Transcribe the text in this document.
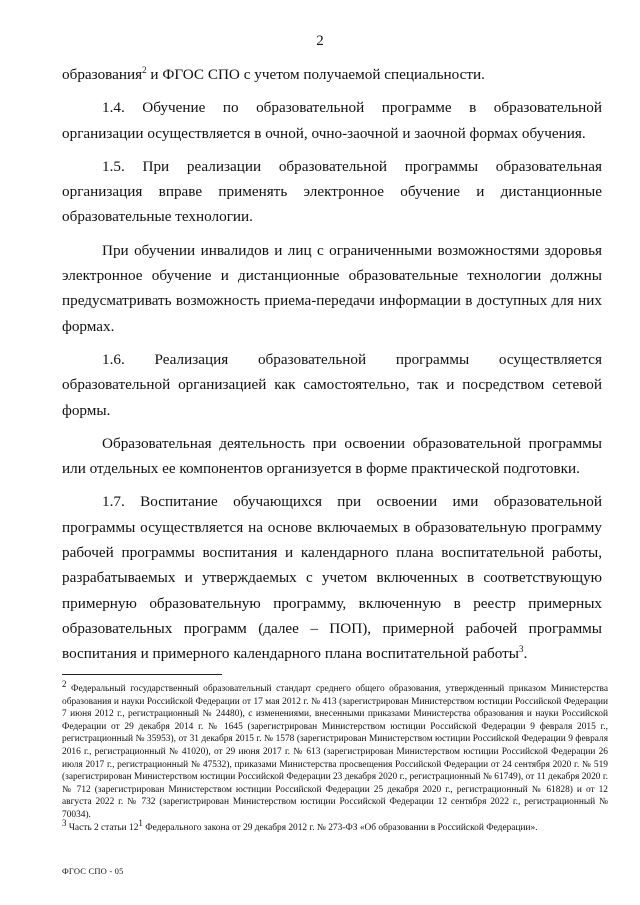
2

образования$^2$ и ФГОС СПО с учетом получаемой специальности.

1.4. Обучение по образовательной программе в образовательной организации осуществляется в очной, очно-заочной и заочной формах обучения.

1.5. При реализации образовательной программы образовательная организация вправе применять электронное обучение и дистанционные образовательные технологии.

При обучении инвалидов и лиц с ограниченными возможностями здоровья электронное обучение и дистанционные образовательные технологии должны предусматривать возможность приема-передачи информации в доступных для них формах.

1.6. Реализация образовательной программы осуществляется образовательной организацией как самостоятельно, так и посредством сетевой формы.

Образовательная деятельность при освоении образовательной программы или отдельных ее компонентов организуется в форме практической подготовки.

1.7. Воспитание обучающихся при освоении ими образовательной программы осуществляется на основе включаемых в образовательную программу рабочей программы воспитания и календарного плана воспитательной работы, разрабатываемых и утверждаемых с учетом включенных в соответствующую примерную образовательную программу, включенную в реестр примерных образовательных программ (далее – ПОП), примерной рабочей программы воспитания и примерного календарного плана воспитательной работы$^3$.

$^2$ Федеральный государственный образовательный стандарт среднего общего образования, утвержденный приказом Министерства образования и науки Российской Федерации от 17 мая 2012 г. № 413 (зарегистрирован Министерством юстиции Российской Федерации 7 июня 2012 г., регистрационный № 24480), с изменениями, внесенными приказами Министерства образования и науки Российской Федерации от 29 декабря 2014 г. № 1645 (зарегистрирован Министерством юстиции Российской Федерации 9 февраля 2015 г., регистрационный № 35953), от 31 декабря 2015 г. № 1578 (зарегистрирован Министерством юстиции Российской Федерации 9 февраля 2016 г., регистрационный № 41020), от 29 июня 2017 г. № 613 (зарегистрирован Министерством юстиции Российской Федерации 26 июля 2017 г., регистрационный № 47532), приказами Министерства просвещения Российской Федерации от 24 сентября 2020 г. № 519 (зарегистрирован Министерством юстиции Российской Федерации 23 декабря 2020 г., регистрационный № 61749), от 11 декабря 2020 г. № 712 (зарегистрирован Министерством юстиции Российской Федерации 25 декабря 2020 г., регистрационный № 61828) и от 12 августа 2022 г. № 732 (зарегистрирован Министерством юстиции Российской Федерации 12 сентября 2022 г., регистрационный № 70034).

$^3$ Часть 2 статьи $12^1$ Федерального закона от 29 декабря 2012 г. № 273-ФЗ «Об образовании в Российской Федерации».

ФГОС СПО - 05
